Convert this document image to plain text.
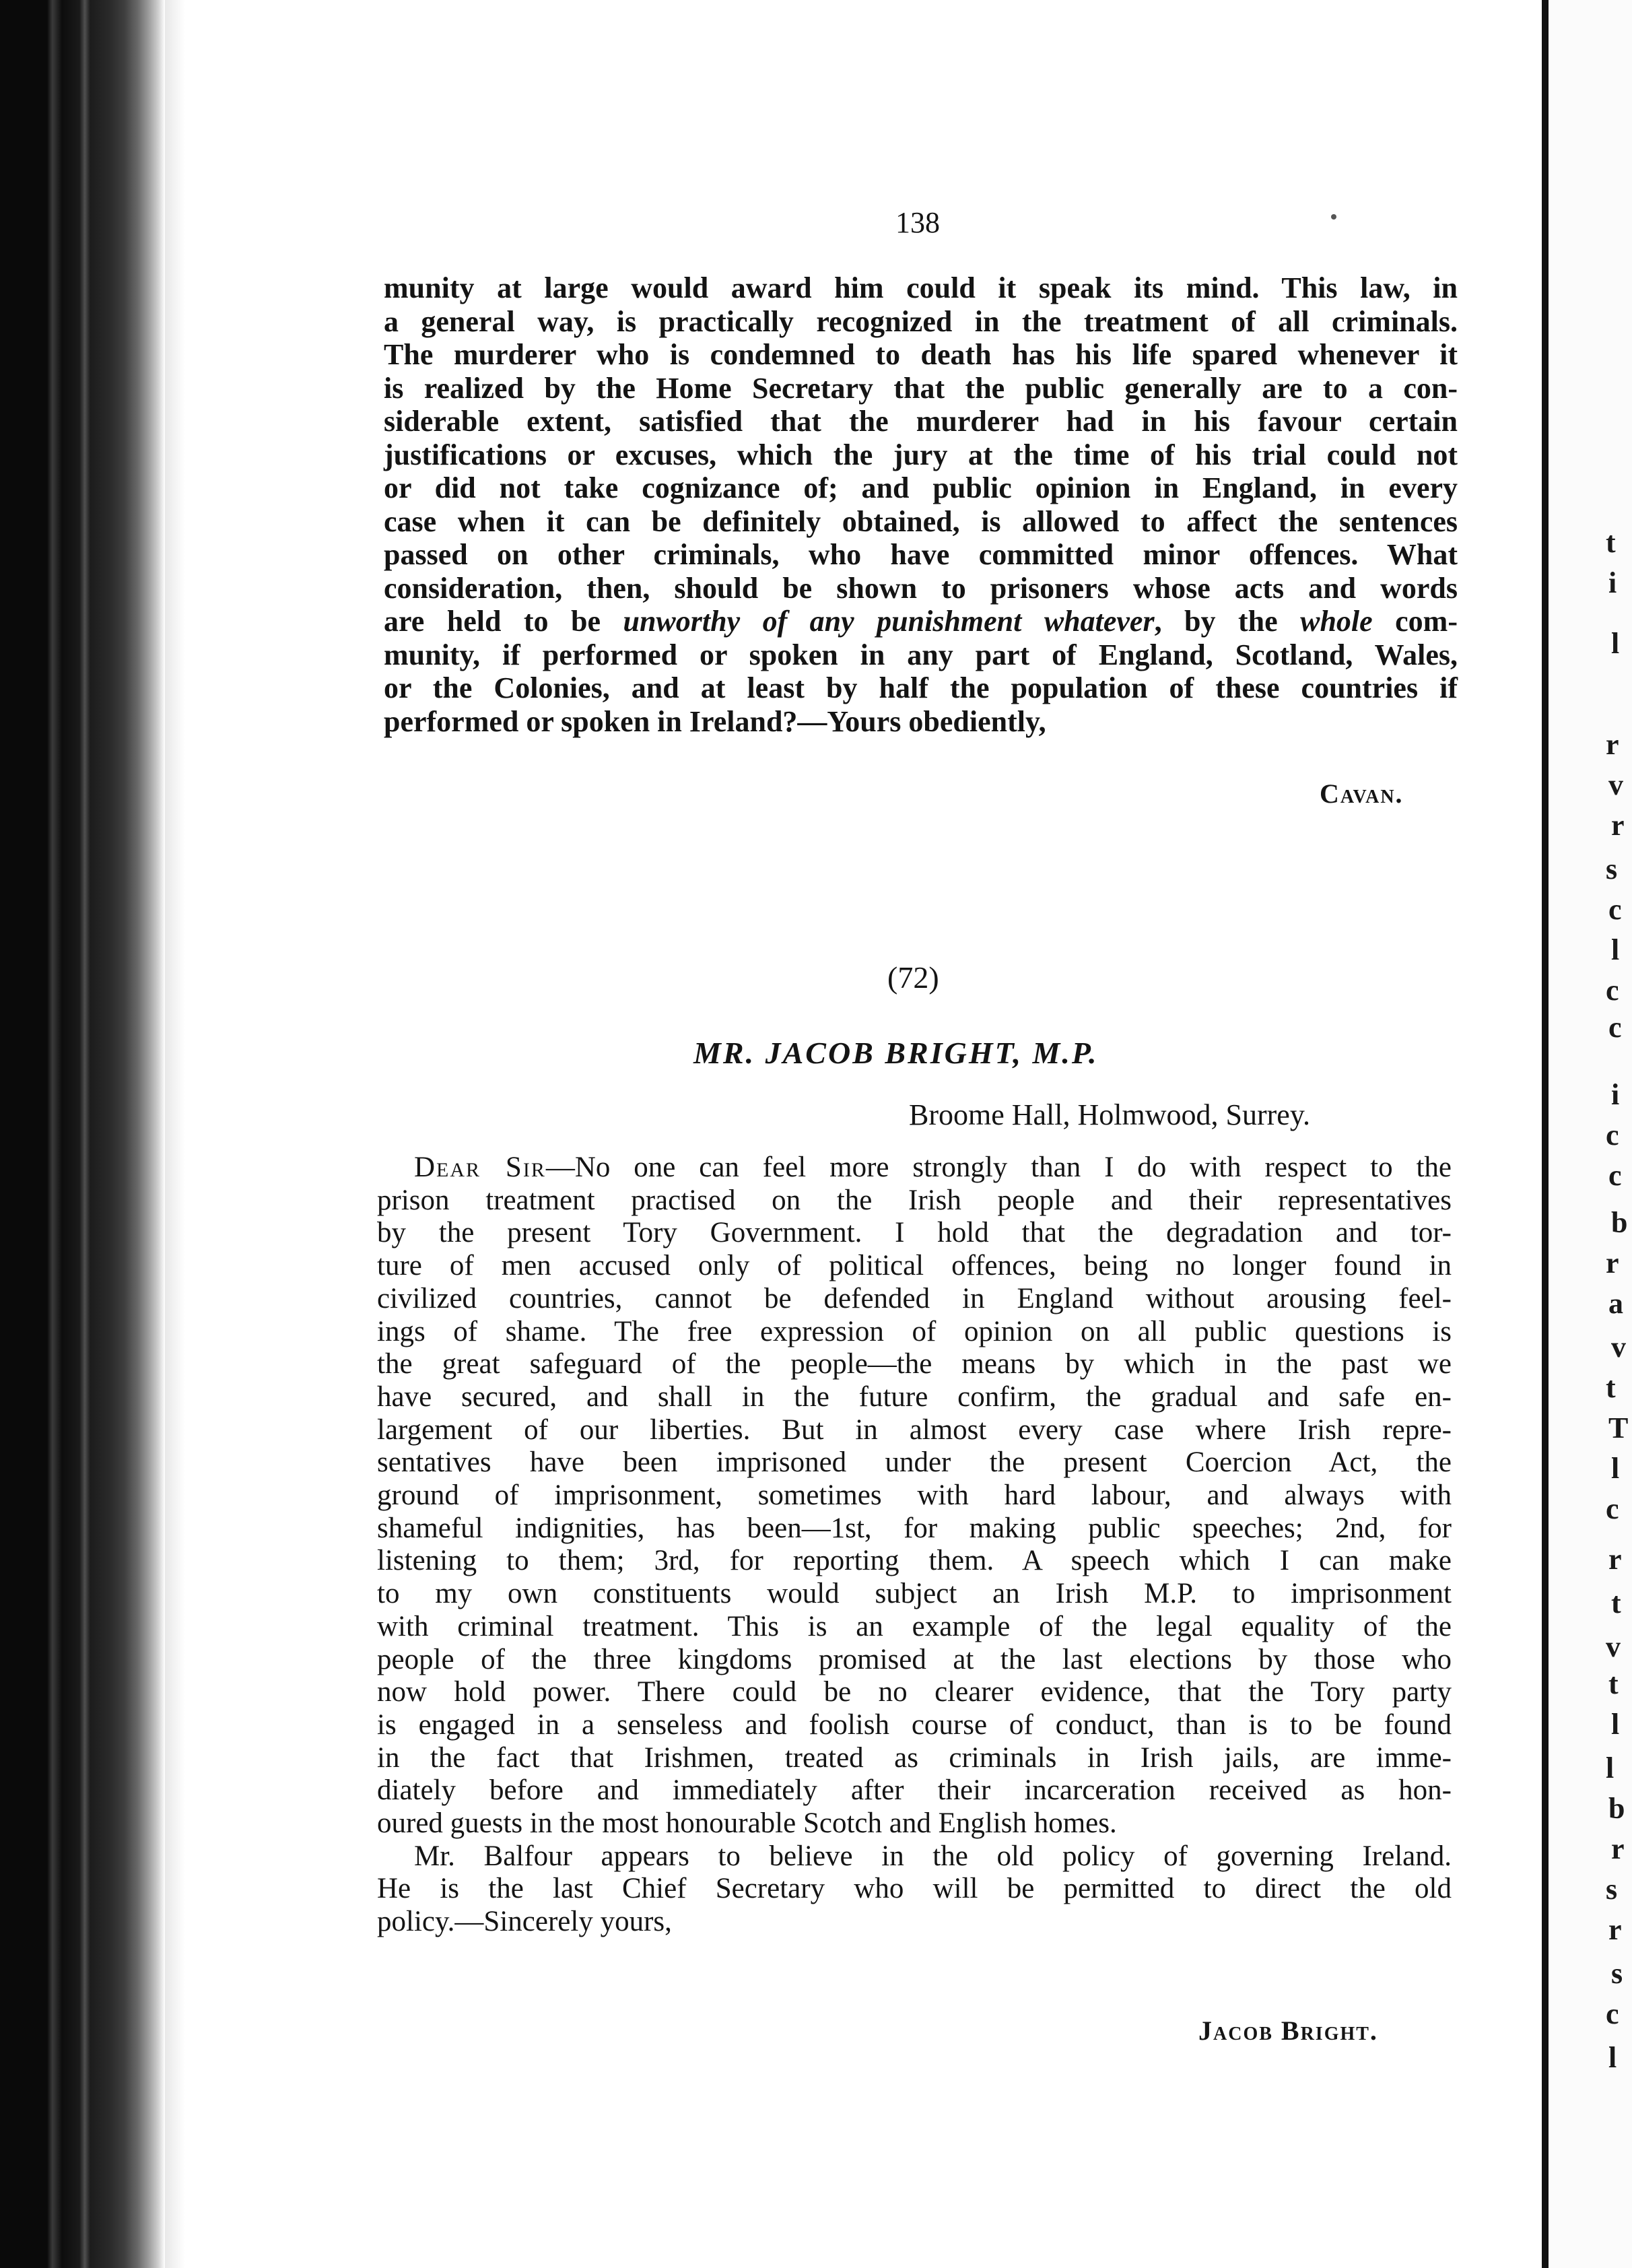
t
i
l
r
v
r
s
c
l
c
c
i
c
c
b
r
a
v
t
T
l
c
r
t
v
t
l
l
b
r
s
r
s
c
l
138
munity at large would award him could it speak its mind. This law, in
a general way, is practically recognized in the treatment of all criminals.
The murderer who is condemned to death has his life spared whenever it
is realized by the Home Secretary that the public generally are to a con-
siderable extent, satisfied that the murderer had in his favour certain
justifications or excuses, which the jury at the time of his trial could not
or did not take cognizance of; and public opinion in England, in every
case when it can be definitely obtained, is allowed to affect the sentences
passed on other criminals, who have committed minor offences. What
consideration, then, should be shown to prisoners whose acts and words
are held to be unworthy of any punishment whatever, by the whole com-
munity, if performed or spoken in any part of England, Scotland, Wales,
or the Colonies, and at least by half the population of these countries if
performed or spoken in Ireland?—Yours obediently,
Cavan.
(72)
MR. JACOB BRIGHT, M.P.
Broome Hall, Holmwood, Surrey.
Dear Sir—No one can feel more strongly than I do with respect to the
prison treatment practised on the Irish people and their representatives
by the present Tory Government. I hold that the degradation and tor-
ture of men accused only of political offences, being no longer found in
civilized countries, cannot be defended in England without arousing feel-
ings of shame. The free expression of opinion on all public questions is
the great safeguard of the people—the means by which in the past we
have secured, and shall in the future confirm, the gradual and safe en-
largement of our liberties. But in almost every case where Irish repre-
sentatives have been imprisoned under the present Coercion Act, the
ground of imprisonment, sometimes with hard labour, and always with
shameful indignities, has been—1st, for making public speeches; 2nd, for
listening to them; 3rd, for reporting them. A speech which I can make
to my own constituents would subject an Irish M.P. to imprisonment
with criminal treatment. This is an example of the legal equality of the
people of the three kingdoms promised at the last elections by those who
now hold power. There could be no clearer evidence, that the Tory party
is engaged in a senseless and foolish course of conduct, than is to be found
in the fact that Irishmen, treated as criminals in Irish jails, are imme-
diately before and immediately after their incarceration received as hon-
oured guests in the most honourable Scotch and English homes.
Mr. Balfour appears to believe in the old policy of governing Ireland.
He is the last Chief Secretary who will be permitted to direct the old
policy.—Sincerely yours,
Jacob Bright.
